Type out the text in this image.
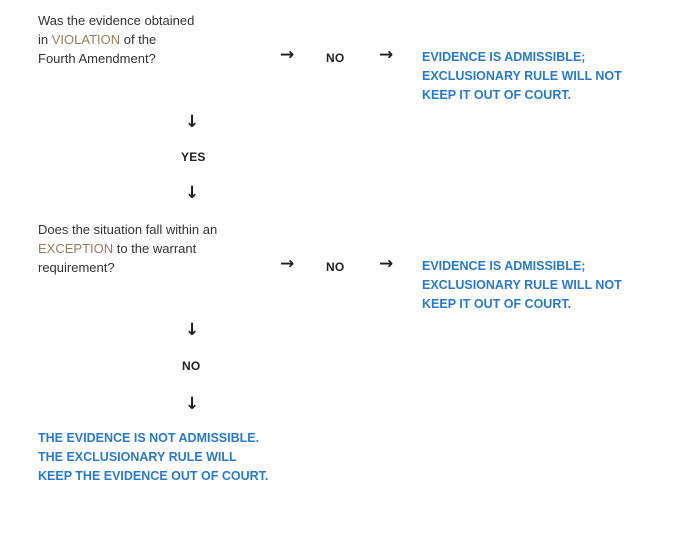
Was the evidence obtained
in VIOLATION of the
Fourth Amendment?	→	NO → EVIDENCE IS ADMISSIBLE;
EXCLUSIONARY RULE WILL NOT
KEEP IT OUT OF COURT.
↓
YES
↓
Does the situation fall within an
EXCEPTION to the warrant
requirement?	→	NO → EVIDENCE IS ADMISSIBLE;
EXCLUSIONARY RULE WILL NOT
KEEP IT OUT OF COURT.
↓
NO
↓
THE EVIDENCE IS NOT ADMISSIBLE.
THE EXCLUSIONARY RULE WILL
KEEP THE EVIDENCE OUT OF COURT.
